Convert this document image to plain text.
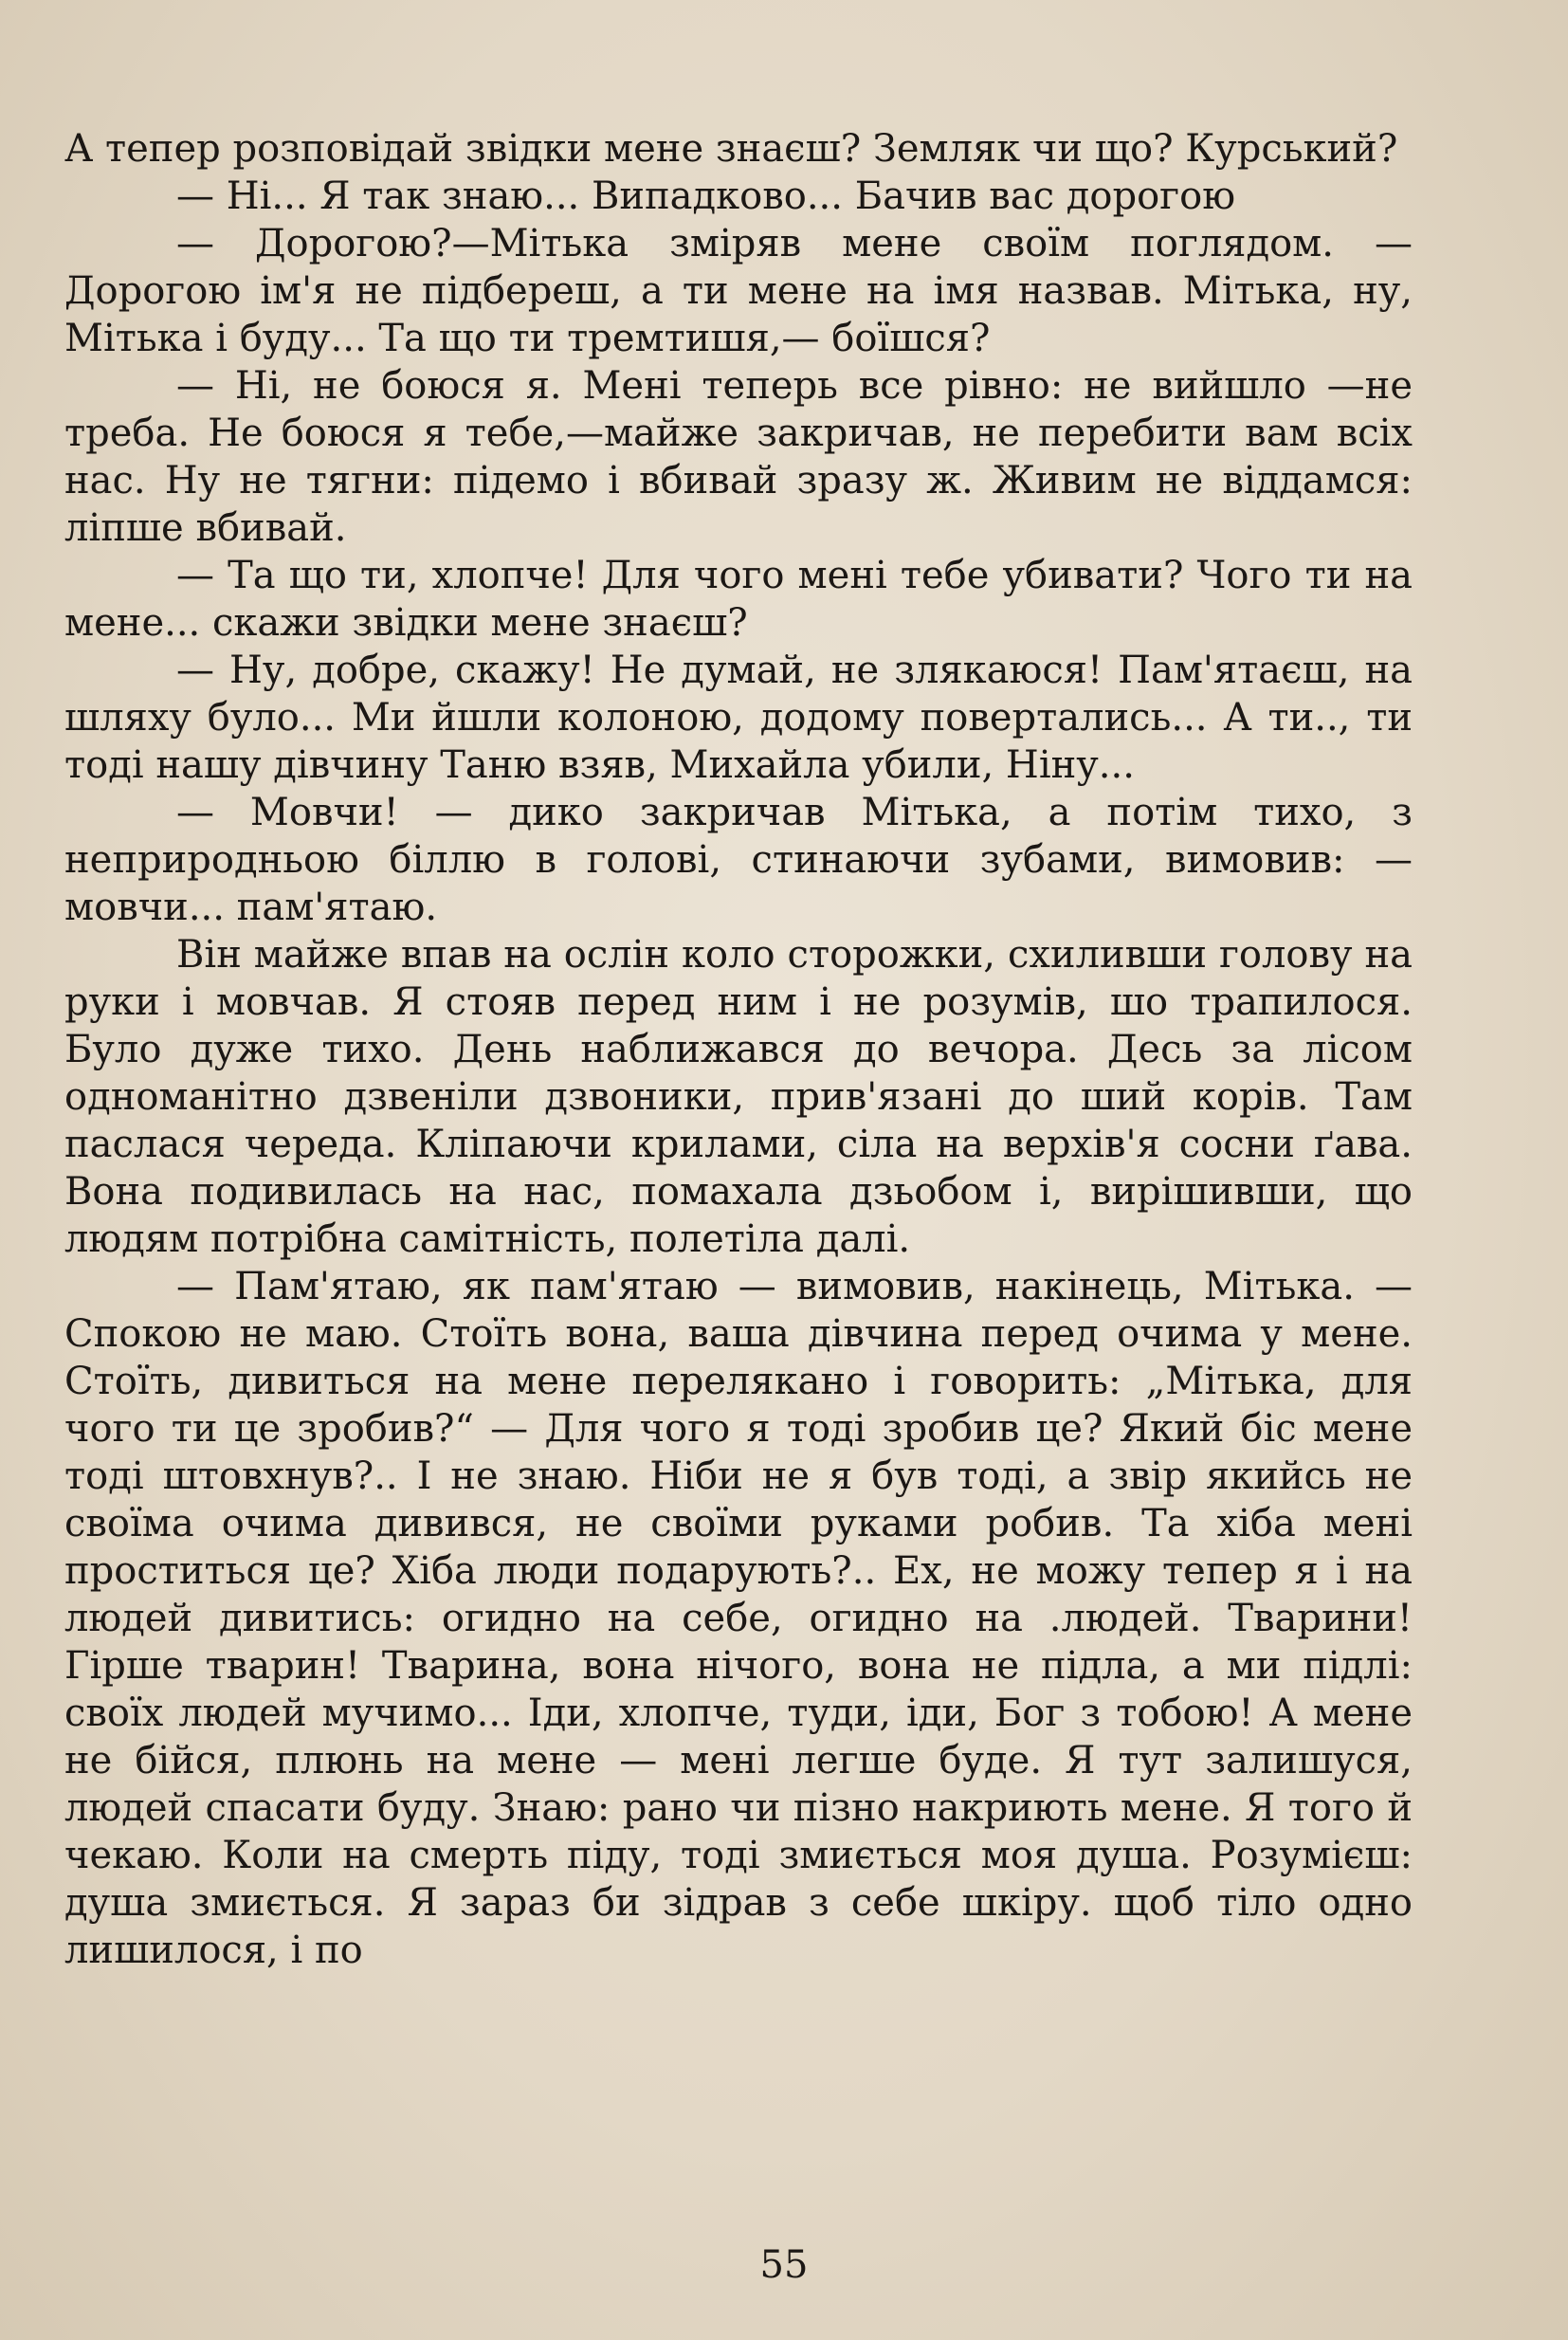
А тепер розповідай звідки мене знаєш? Земляк чи що? Курський?

— Ні... Я так знаю... Випадково... Бачив вас дорогою

— Дорогою?—Мітька зміряв мене своїм поглядом. —Дорогою ім'я не підбереш, а ти мене на імя назвав. Мітька, ну, Мітька і буду... Та що ти тремтишя,— боїшся?

— Ні, не боюся я. Мені теперь все рівно: не вийшло —не треба. Не боюся я тебе,—майже закричав, не перебити вам всіх нас. Ну не тягни: підемо і вбивай зразу ж. Живим не віддамся: ліпше вбивай.

— Та що ти, хлопче! Для чого мені тебе убивати? Чого ти на мене... скажи звідки мене знаєш?

— Ну, добре, скажу! Не думай, не злякаюся! Пам'ятаєш, на шляху було... Ми йшли колоною, додому повертались... А ти.., ти тоді нашу дівчину Таню взяв, Михайла убили, Ніну...

— Мовчи! — дико закричав Мітька, а потім тихо, з неприродньою біллю в голові, стинаючи зубами, вимовив: — мовчи... пам'ятаю.

Він майже впав на ослін коло сторожки, схиливши голову на руки і мовчав. Я стояв перед ним і не розумів, шо трапилося. Було дуже тихо. День наближався до вечора. Десь за лісом одноманітно дзвеніли дзвоники, прив'язані до ший корів. Там паслася череда. Кліпаючи крилами, сіла на верхів'я сосни ґава. Вона подивилась на нас, помахала дзьобом і, вирішивши, що людям потрібна самітність, полетіла далі.

— Пам'ятаю, як пам'ятаю — вимовив, накінець, Мітька. — Спокою не маю. Стоїть вона, ваша дівчина перед очима у мене. Стоїть, дивиться на мене перелякано і говорить: „Мітька, для чого ти це зробив?“ — Для чого я тоді зробив це? Який біс мене тоді штовхнув?.. І не знаю. Ніби не я був тоді, а звір якийсь не своїма очима дивився, не своїми руками робив. Та хіба мені проститься це? Хіба люди подарують?.. Ех, не можу тепер я і на людей дивитись: огидно на себе, огидно на .людей. Тварини! Гірше тварин! Тварина, вона нічого, вона не підла, а ми підлі: своїх людей мучимо... Іди, хлопче, туди, іди, Бог з тобою! А мене не бійся, плюнь на мене — мені легше буде. Я тут залишуся, людей спасати буду. Знаю: рано чи пізно накриють мене. Я того й чекаю. Коли на смерть піду, тоді змиється моя душа. Розумієш: душа змиється. Я зараз би зідрав з себе шкіру. щоб тіло одно лишилося, і по

55
